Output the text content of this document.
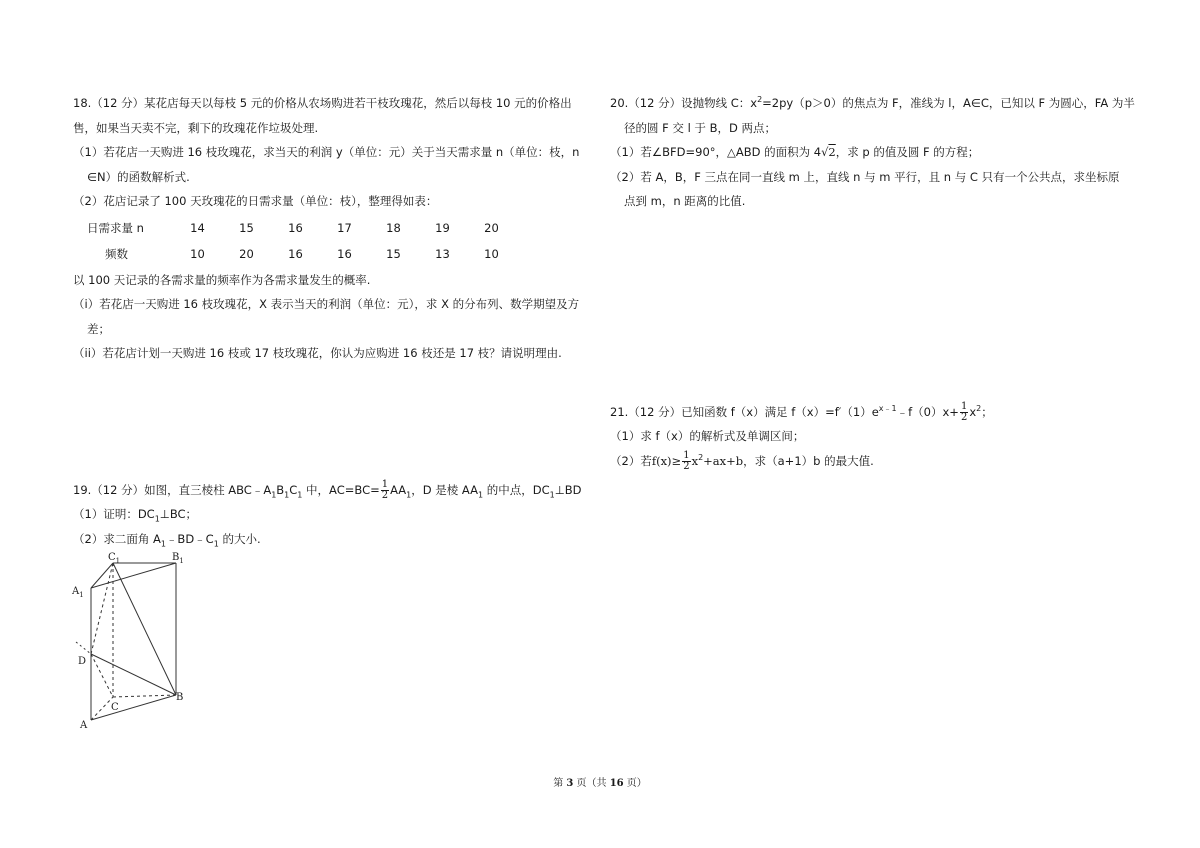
18.（12 分）某花店每天以每枝 5 元的价格从农场购进若干枝玫瑰花，然后以每枝 10 元的价格出

售，如果当天卖不完，剩下的玫瑰花作垃圾处理.

（1）若花店一天购进 16 枝玫瑰花，求当天的利润 y（单位：元）关于当天需求量 n（单位：枝，n

∈N）的函数解析式.

（2）花店记录了 100 天玫瑰花的日需求量（单位：枝），整理得如表：

日需求量 n	14	15	16	17	18	19	20
频数	10	20	16	16	15	13	10

以 100 天记录的各需求量的频率作为各需求量发生的概率.

（i）若花店一天购进 16 枝玫瑰花，X 表示当天的利润（单位：元），求 X 的分布列、数学期望及方

差；

（ii）若花店计划一天购进 16 枝或 17 枝玫瑰花，你认为应购进 16 枝还是 17 枝？请说明理由.

19.（12 分）如图，直三棱柱 $ABC﹣A_1B_1C_1$ 中，$AC=BC= \frac{1}{2} AA_1$，D 是棱 $AA_1$ 的中点，$DC_1\perp BD$

（1）证明：$DC_1\perp BC$；

（2）求二面角 $A_1﹣BD﹣C_1$ 的大小.

$C_1$	$B_1$
$A_1$
D
C
B
A

20.（12 分）设抛物线 C：$x^2=2py(p>0)$的焦点为 F，准线为 l，A∈C，已知以 F 为圆心，FA 为半

径的圆 F 交 l 于 B，D 两点；

（1）若∠BFD=90°，△ABD 的面积为 4√2，求 p 的值及圆 F 的方程；

（2）若 A，B，F 三点在同一直线 m 上，直线 n 与 m 平行，且 n 与 C 只有一个公共点，求坐标原

点到 m，n 距离的比值.

21.（12 分）已知函数 f（x）满足 $f(x)=f'(1)e^{x﹣1}﹣f(0)x+ \frac{1}{2} x^2$；

（1）求 f（x）的解析式及单调区间；

（2）若$f(x)\ge \frac{1}{2} x^2+ax+b$，求（a+1）b 的最大值.

第 3 页（共 16 页）
